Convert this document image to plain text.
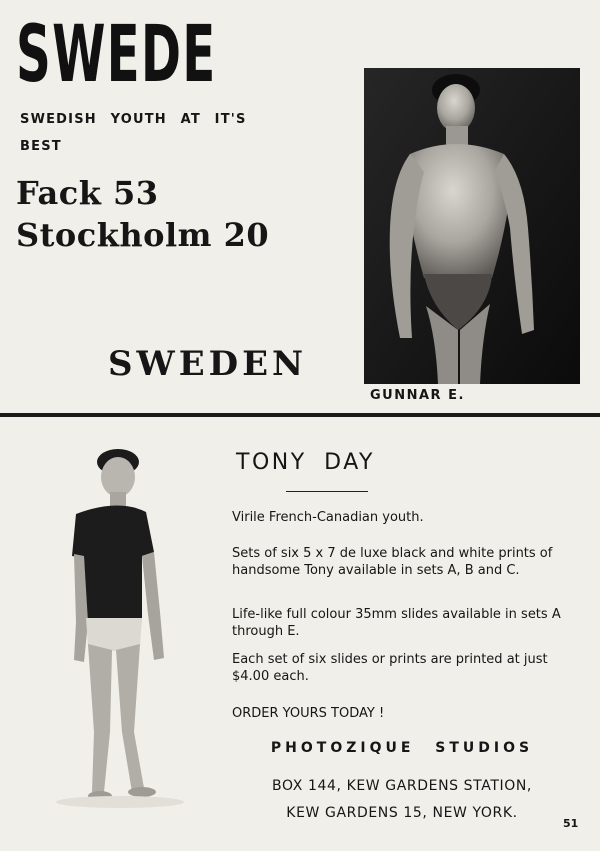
SWEDE
SWEDISH YOUTH AT IT'S BEST
Fack 53
Stockholm 20
SWEDEN
GUNNAR E.
TONY DAY
Virile French-Canadian youth.
Sets of six 5 x 7 de luxe black and white prints of handsome Tony available in sets A, B and C.
Life-like full colour 35mm slides available in sets A through E.
Each set of six slides or prints are printed at just $4.00 each.
ORDER YOURS TODAY !
PHOTOZIQUE STUDIOS
BOX 144, KEW GARDENS STATION,
KEW GARDENS 15, NEW YORK.
51
